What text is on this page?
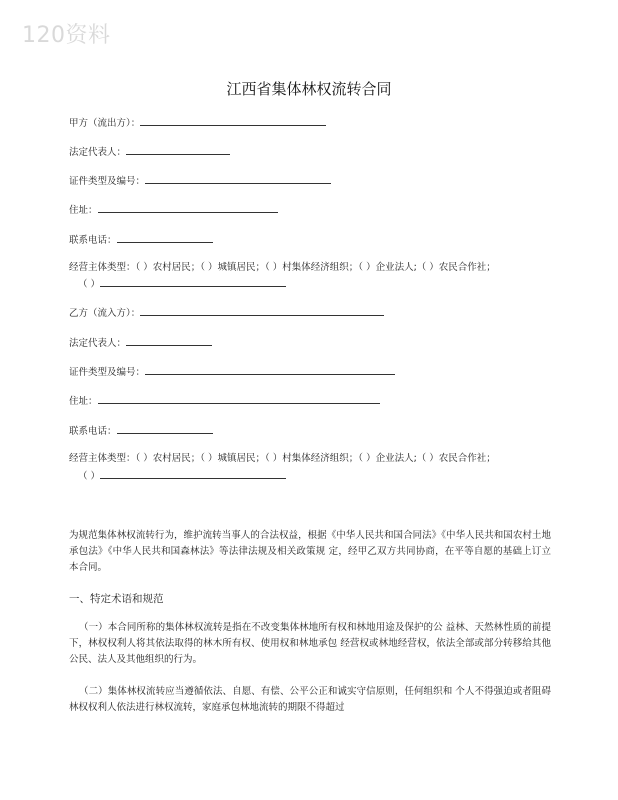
120资料
江西省集体林权流转合同
甲方（流出方）：
法定代表人：
证件类型及编号：
住址：
联系电话：
经营主体类型：（ ）农村居民；（ ）城镇居民；（ ）村集体经济组织；（ ）企业法人;（ ）农民合作社；
（ ）
乙方（流入方）：
法定代表人：
证件类型及编号：
住址：
联系电话：
经营主体类型：（ ）农村居民；（ ）城镇居民；（ ）村集体经济组织；（ ）企业法人;（ ）农民合作社；
（ ）
为规范集体林权流转行为，维护流转当事人的合法权益，根据《中华人民共和国合同法》《中华人民共和国农村土地承包法》《中华人民共和国森林法》等法律法规及相关政策规 定，经甲乙双方共同协商，在平等自愿的基础上订立本合同。
一、特定术语和规范
（一）本合同所称的集体林权流转是指在不改变集体林地所有权和林地用途及保护的公 益林、天然林性质的前提下，林权权利人将其依法取得的林木所有权、使用权和林地承包 经营权或林地经营权，依法全部或部分转移给其他公民、法人及其他组织的行为。
（二）集体林权流转应当遵循依法、自愿、有偿、公平公正和诚实守信原则，任何组织和 个人不得强迫或者阻碍林权权利人依法进行林权流转，家庭承包林地流转的期限不得超过
